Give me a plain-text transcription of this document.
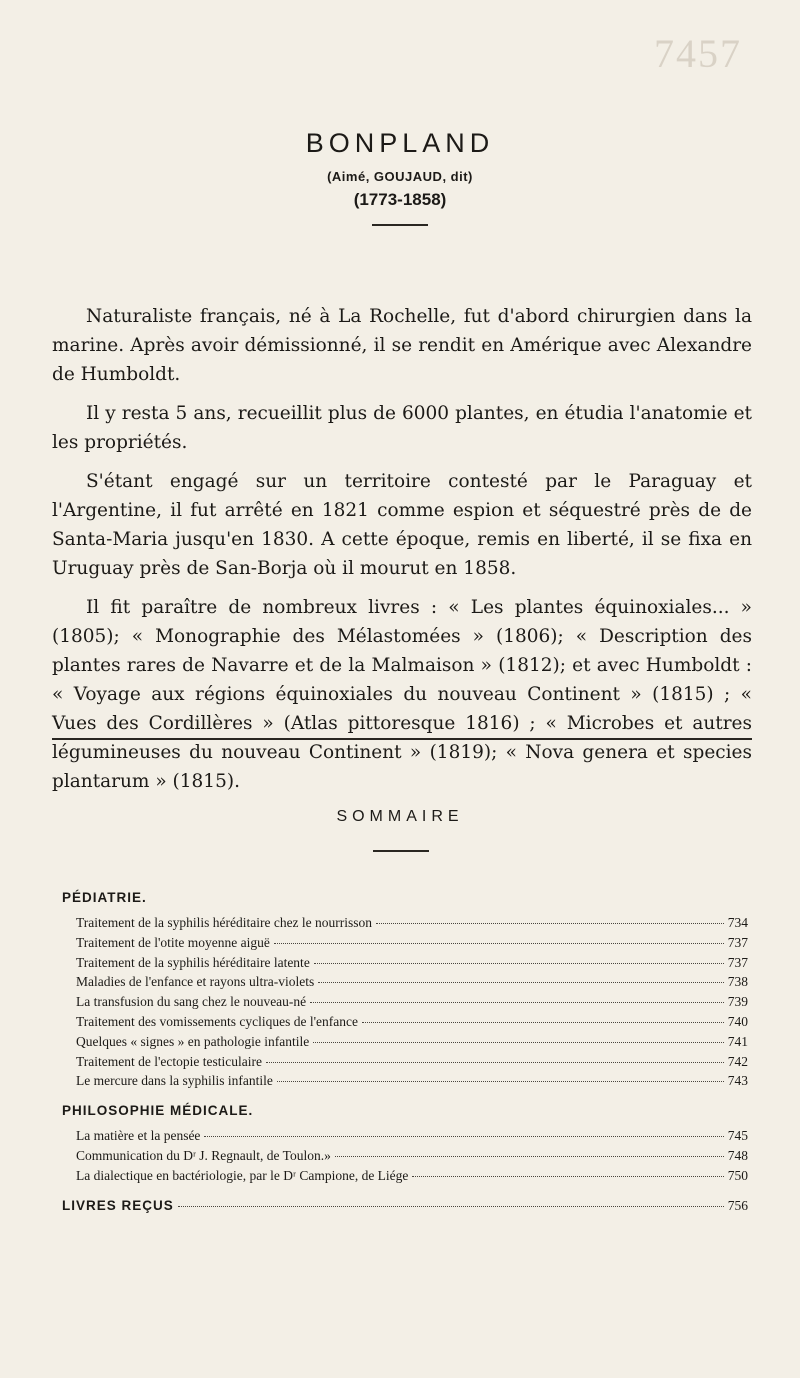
7457
BONPLAND
(Aimé, GOUJAUD, dit)
(1773-1858)

Naturaliste français, né à La Rochelle, fut d'abord chirurgien dans la marine. Après avoir démissionné, il se rendit en Amérique avec Alexandre de Humboldt.

Il y resta 5 ans, recueillit plus de 6000 plantes, en étudia l'anatomie et les propriétés.

S'étant engagé sur un territoire contesté par le Paraguay et l'Argentine, il fut arrêté en 1821 comme espion et séquestré près de de Santa-Maria jusqu'en 1830. A cette époque, remis en liberté, il se fixa en Uruguay près de San-Borja où il mourut en 1858.

Il fit paraître de nombreux livres : « Les plantes équinoxiales... » (1805); « Monographie des Mélastomées » (1806); « Description des plantes rares de Navarre et de la Malmaison » (1812); et avec Humboldt : « Voyage aux régions équinoxiales du nouveau Continent » (1815) ; « Vues des Cordillères » (Atlas pittoresque 1816) ; « Microbes et autres légumineuses du nouveau Continent » (1819); « Nova genera et species plantarum » (1815).

SOMMAIRE
PÉDIATRIE.
Traitement de la syphilis héréditaire chez le nourrisson	734
Traitement de l'otite moyenne aiguë	737
Traitement de la syphilis héréditaire latente	737
Maladies de l'enfance et rayons ultra-violets	738
La transfusion du sang chez le nouveau-né	739
Traitement des vomissements cycliques de l'enfance	740
Quelques « signes » en pathologie infantile	741
Traitement de l'ectopie testiculaire	742
Le mercure dans la syphilis infantile	743
PHILOSOPHIE MÉDICALE.
La matière et la pensée	745
Communication du Dʳ J. Regnault, de Toulon.»	748
La dialectique en bactériologie, par le Dʳ Campione, de Liége	750
LIVRES REÇUS	756
